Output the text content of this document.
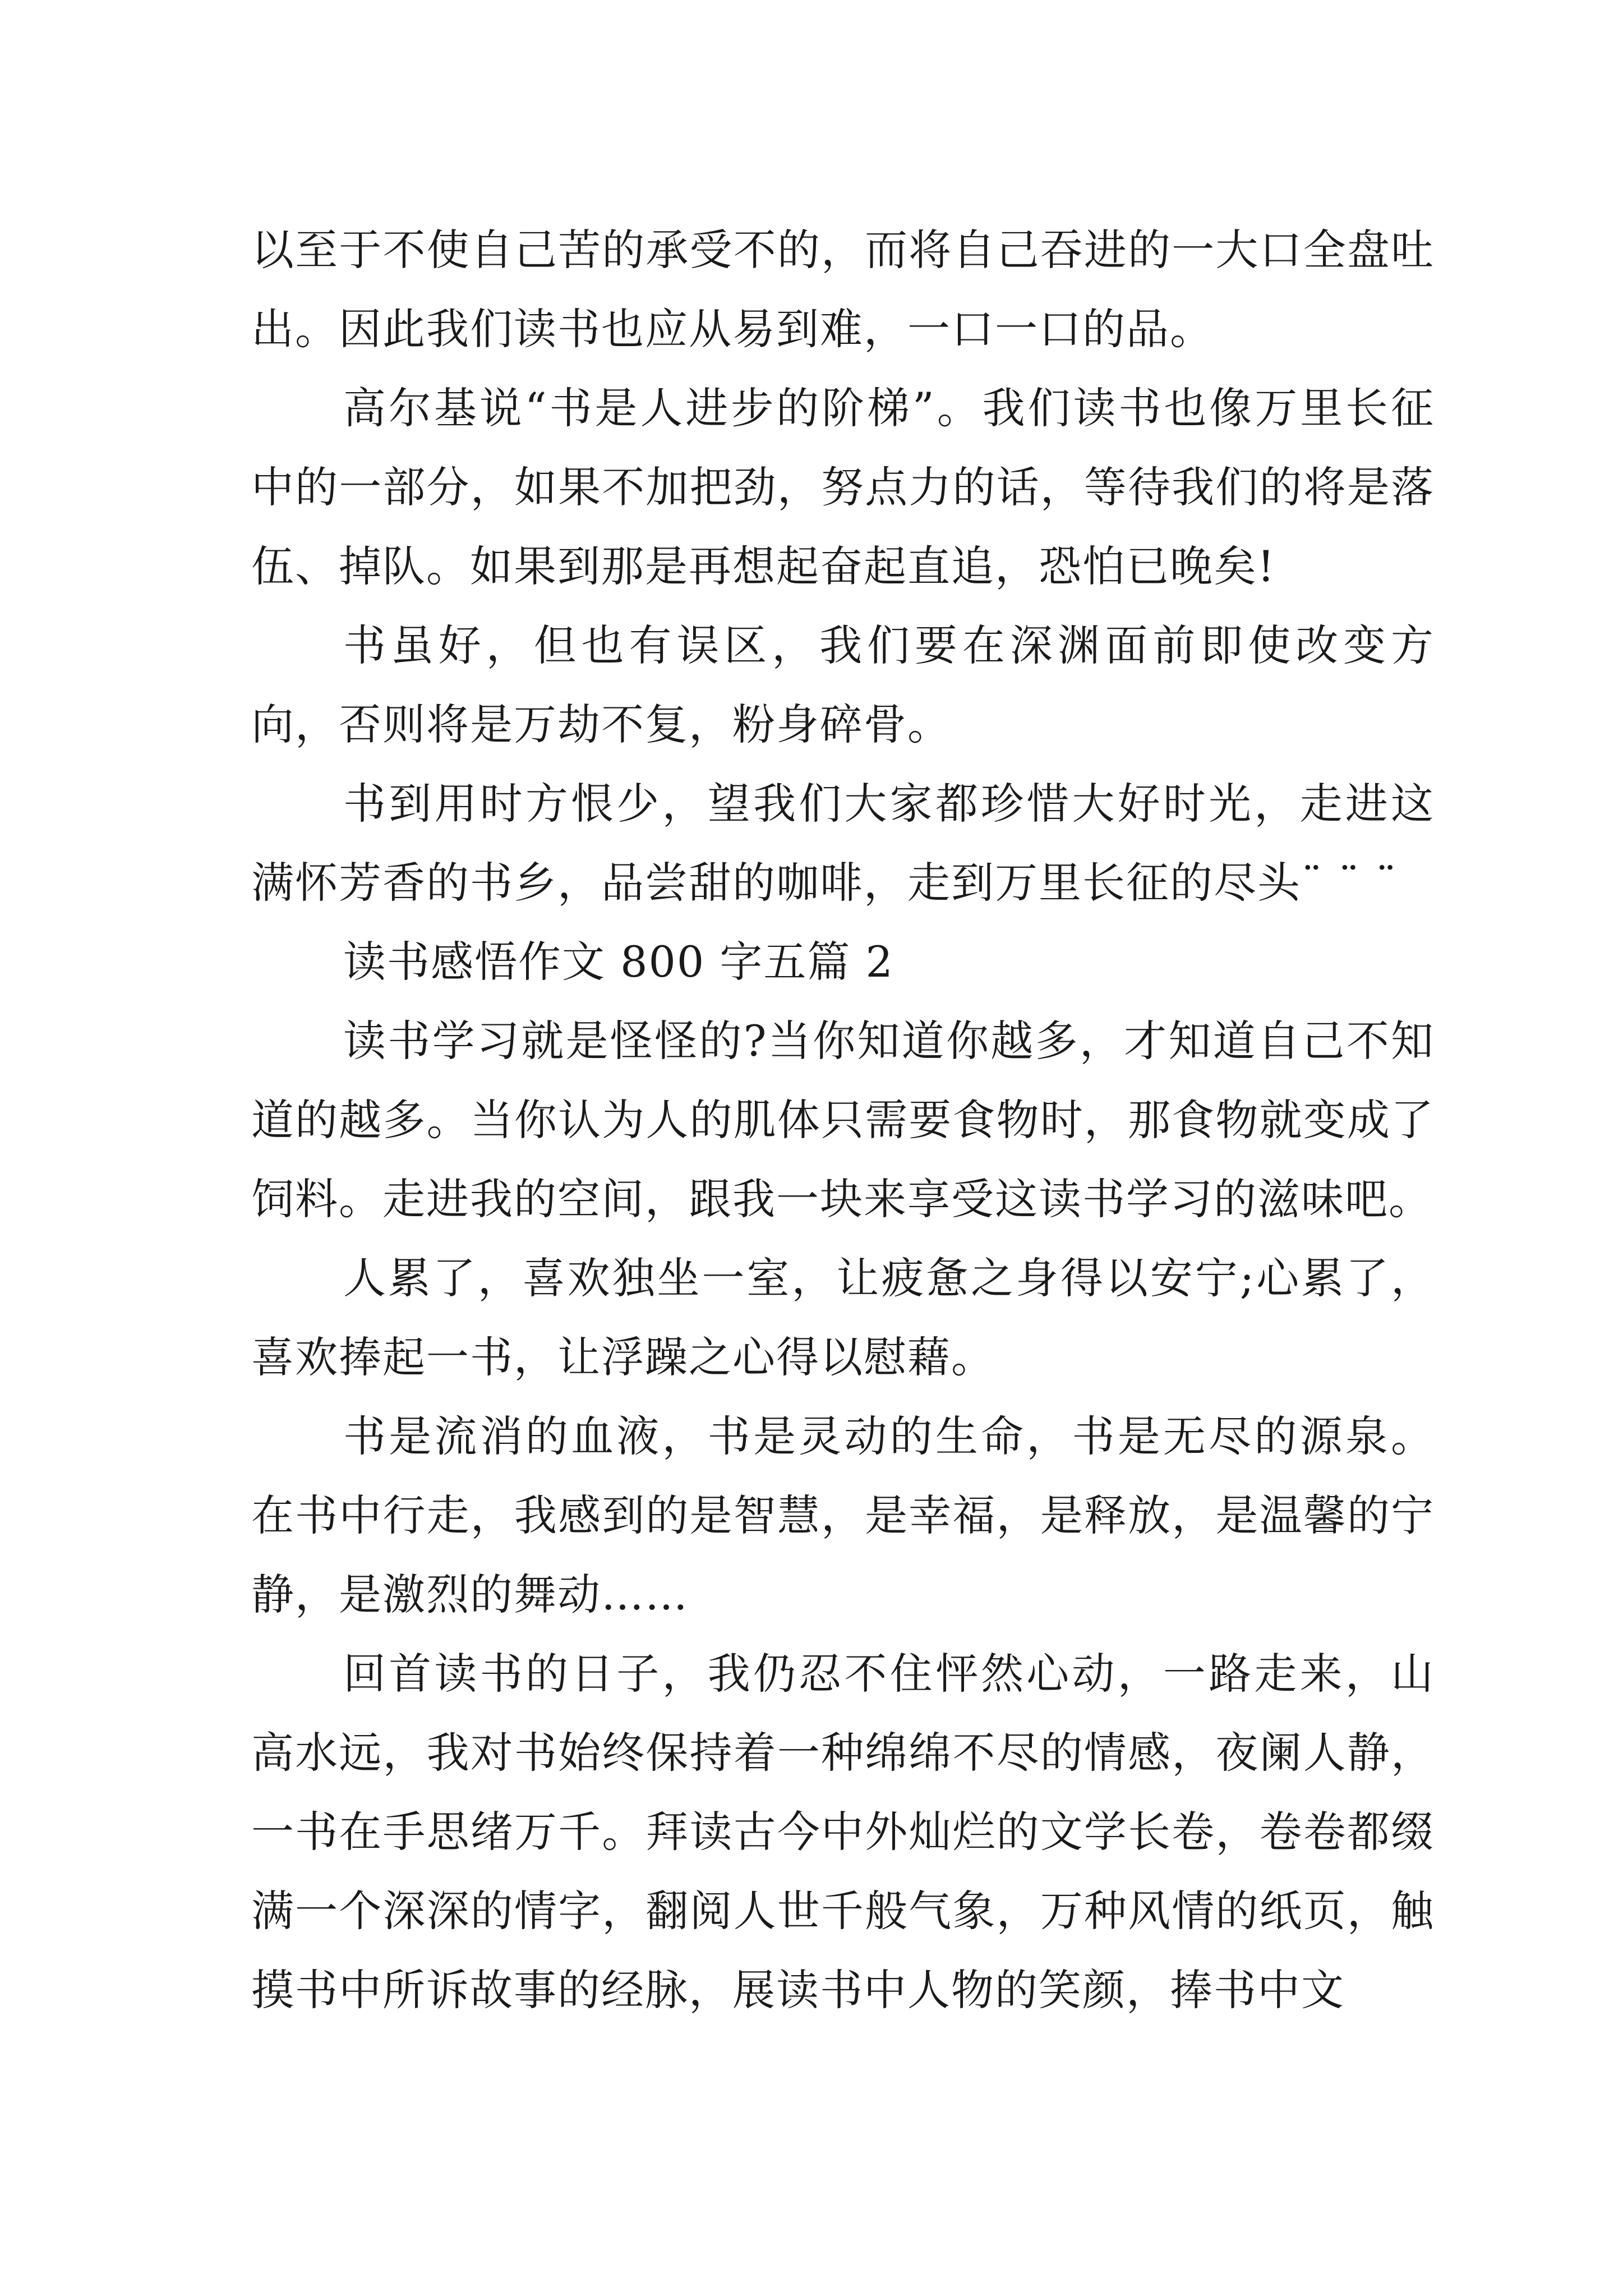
以至于不使自己苦的承受不的，而将自己吞进的一大口全盘吐出。因此我们读书也应从易到难，一口一口的品。

高尔基说“书是人进步的阶梯”。我们读书也像万里长征中的一部分，如果不加把劲，努点力的话，等待我们的将是落伍、掉队。如果到那是再想起奋起直追，恐怕已晚矣!

书虽好，但也有误区，我们要在深渊面前即使改变方向，否则将是万劫不复，粉身碎骨。

书到用时方恨少，望我们大家都珍惜大好时光，走进这满怀芳香的书乡，品尝甜的咖啡，走到万里长征的尽头¨ ¨ ¨

读书感悟作文 800 字五篇 2

读书学习就是怪怪的?当你知道你越多，才知道自己不知道的越多。当你认为人的肌体只需要食物时，那食物就变成了饲料。走进我的空间，跟我一块来享受这读书学习的滋味吧。

人累了，喜欢独坐一室，让疲惫之身得以安宁;心累了，喜欢捧起一书，让浮躁之心得以慰藉。

书是流消的血液，书是灵动的生命，书是无尽的源泉。在书中行走，我感到的是智慧，是幸福，是释放，是温馨的宁静，是激烈的舞动……

回首读书的日子，我仍忍不住怦然心动，一路走来，山高水远，我对书始终保持着一种绵绵不尽的情感，夜阑人静，一书在手思绪万千。拜读古今中外灿烂的文学长卷，卷卷都缀满一个深深的情字，翻阅人世千般气象，万种风情的纸页，触摸书中所诉故事的经脉，展读书中人物的笑颜，捧书中文
